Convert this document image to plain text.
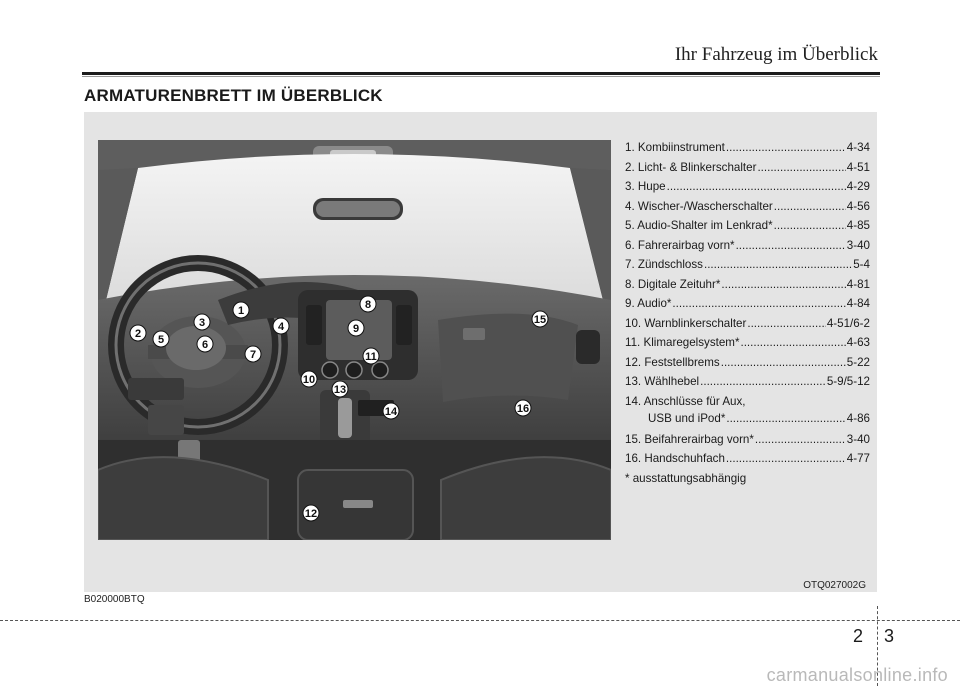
Ihr Fahrzeug im Überblick
ARMATURENBRETT IM ÜBERBLICK
1
2
3	4
5	6
7
8
9
10
11
12
13
14
15
16
1. Kombiinstrument .....	4-34
2. Licht- & Blinkerschalter .....	4-51
3. Hupe .....	4-29
4. Wischer-/Wascherschalter .....	4-56
5. Audio-Shalter im Lenkrad* .....	4-85
6. Fahrerairbag vorn* .....	3-40
7. Zündschloss .....	5-4
8. Digitale Zeituhr* .....	4-81
9. Audio* .....	4-84
10. Warnblinkerschalter .....	4-51/6-2
11. Klimaregelsystem* .....	4-63
12. Feststellbrems .....	5-22
13. Wählhebel .....	5-9/5-12
14. Anschlüsse für Aux,
USB und iPod* .....	4-86
15. Beifahrerairbag vorn* .....	3-40
16. Handschuhfach .....	4-77
* ausstattungsabhängig
OTQ027002G
B020000BTQ
2 3
carmanualsonline.info
